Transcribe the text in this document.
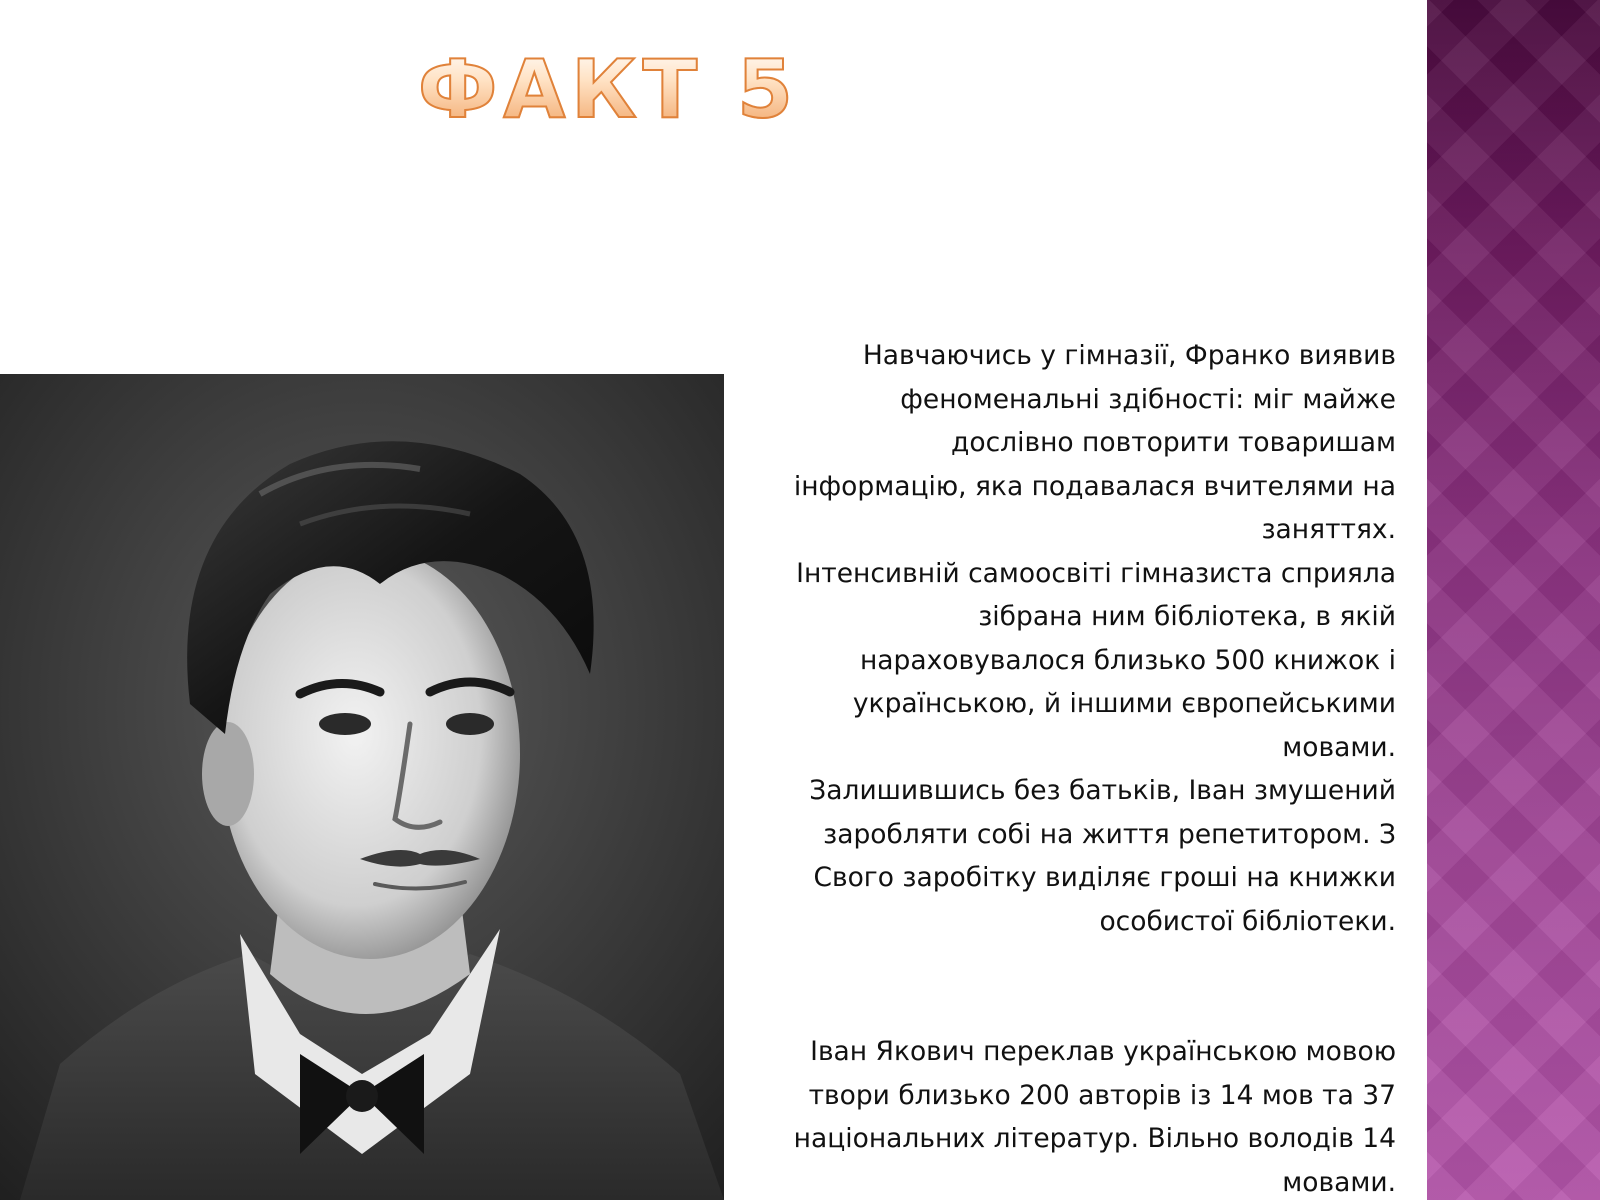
ФАКТ 5

Навчаючись у гімназії, Франко виявив феноменальні здібності: міг майже дослівно повторити товаришам інформацію, яка подавалася вчителями на заняттях.

Інтенсивній самоосвіті гімназиста сприяла зібрана ним бібліотека, в якій нараховувалося близько 500 книжок і українською, й іншими європейськими мовами.

Залишившись без батьків, Іван змушений заробляти собі на життя репетитором. З Свого заробітку виділяє гроші на книжки особистої бібліотеки.

Іван Якович переклав українською мовою твори близько 200 авторів із 14 мов та 37 національних літератур. Вільно володів 14 мовами.
